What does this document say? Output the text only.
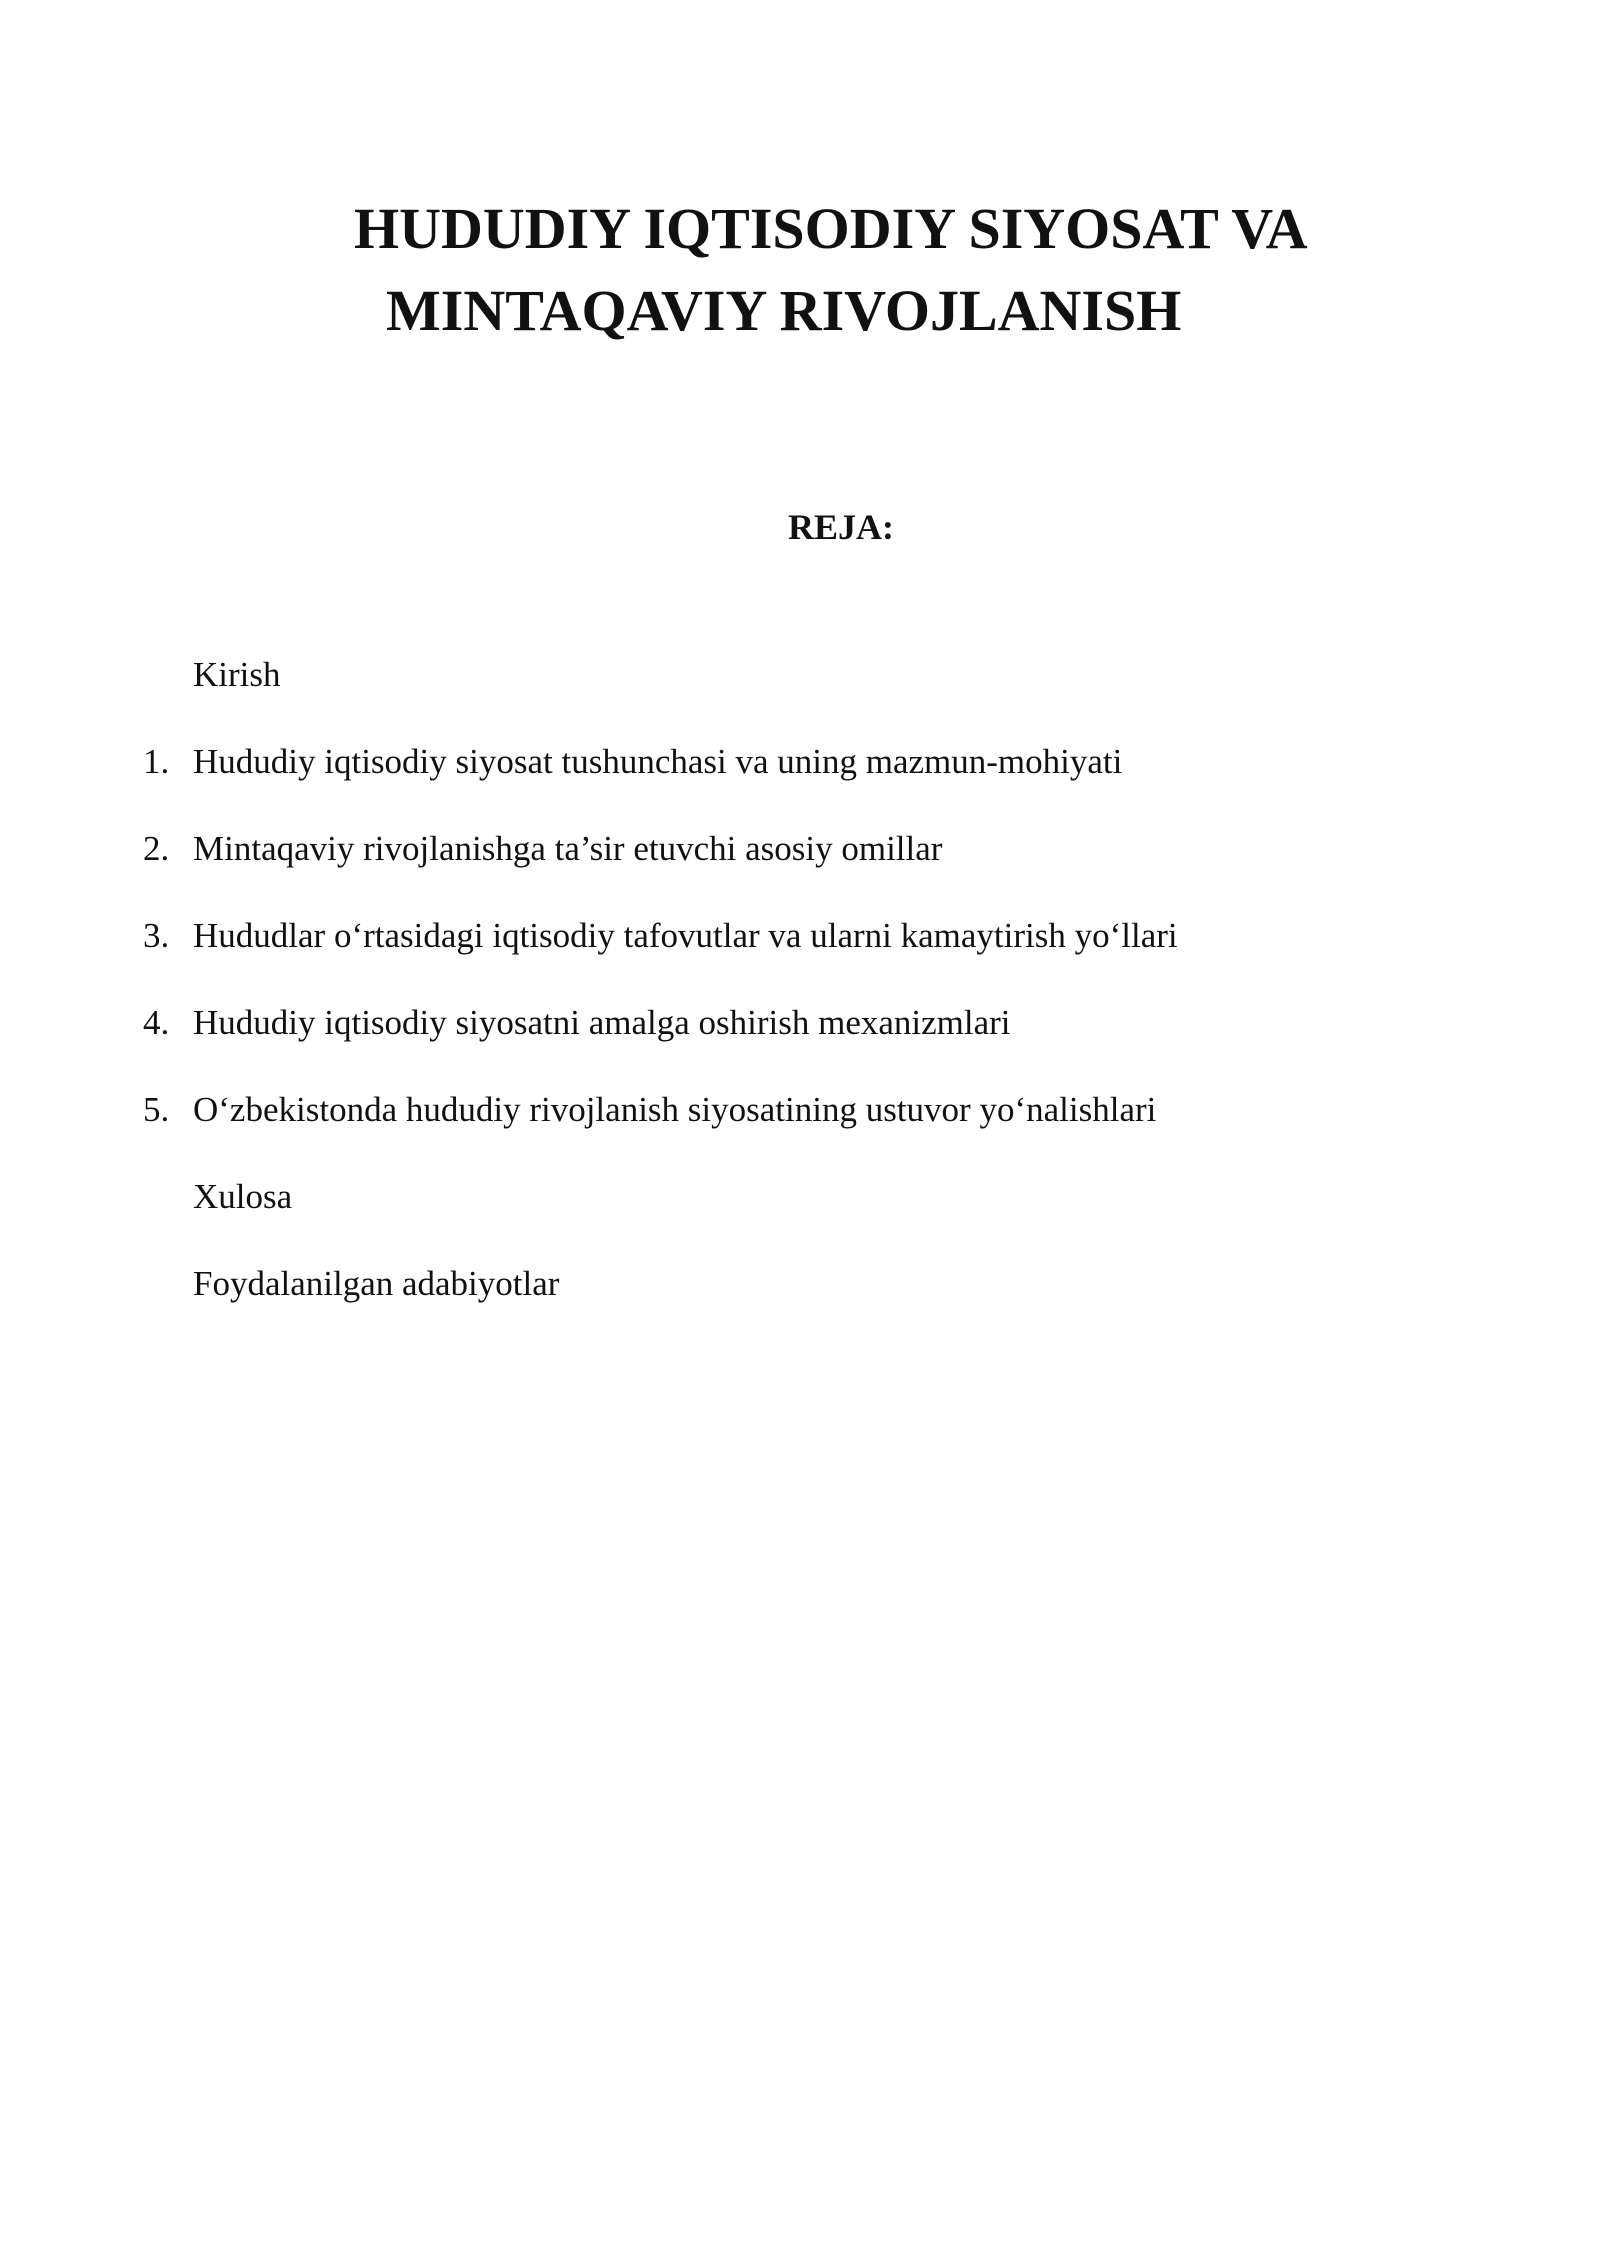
HUDUDIY IQTISODIY SIYOSAT VA
MINTAQAVIY RIVOJLANISH
REJA:
Kirish
1. Hududiy iqtisodiy siyosat tushunchasi va uning mazmun-mohiyati
2. Mintaqaviy rivojlanishga ta’sir etuvchi asosiy omillar
3. Hududlar o‘rtasidagi iqtisodiy tafovutlar va ularni kamaytirish yo‘llari
4. Hududiy iqtisodiy siyosatni amalga oshirish mexanizmlari
5. O‘zbekistonda hududiy rivojlanish siyosatining ustuvor yo‘nalishlari
Xulosa
Foydalanilgan adabiyotlar
